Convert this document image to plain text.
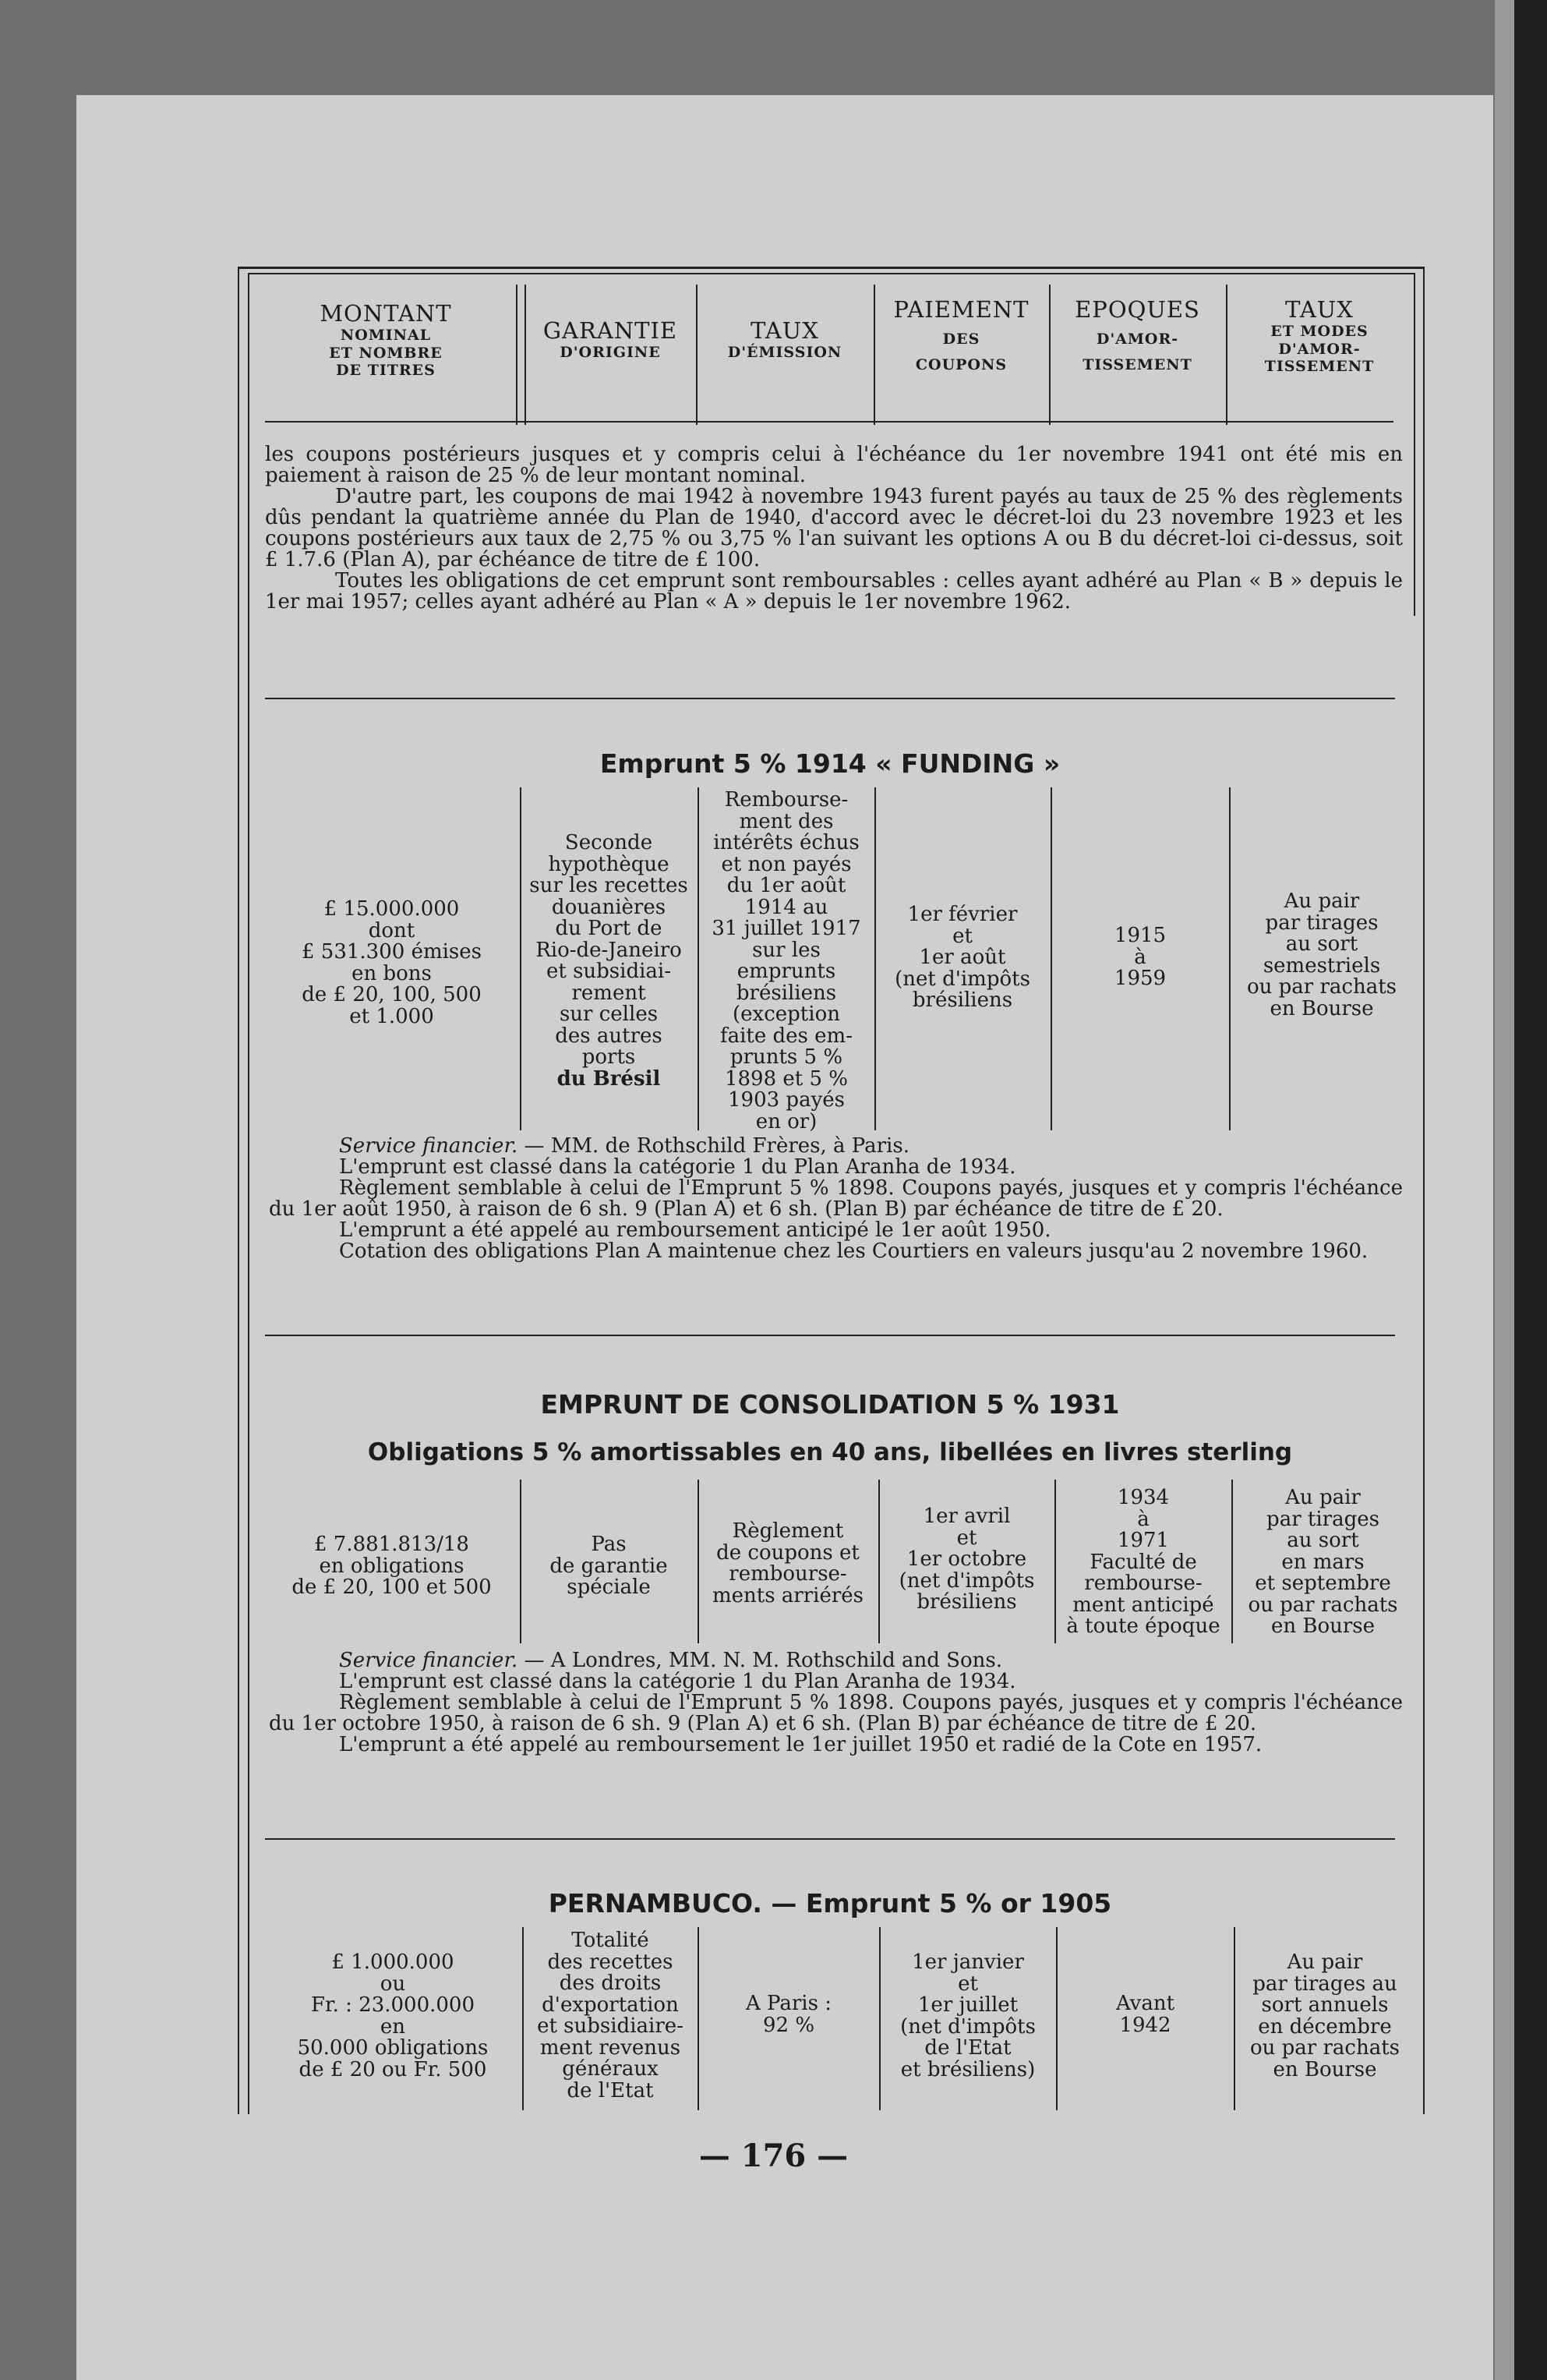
MONTANT
NOMINAL
ET NOMBRE
DE TITRES
GARANTIE
D'ORIGINE
TAUX
D'ÉMISSION
PAIEMENT
DES
COUPONS
EPOQUES
D'AMOR-
TISSEMENT
TAUX
ET MODES
D'AMOR-
TISSEMENT

les coupons postérieurs jusques et y compris celui à l'échéance du 1er novembre 1941 ont été mis en paiement à raison de 25 % de leur montant nominal.

D'autre part, les coupons de mai 1942 à novembre 1943 furent payés au taux de 25 % des règlements dûs pendant la quatrième année du Plan de 1940, d'accord avec le décret-loi du 23 novembre 1923 et les coupons postérieurs aux taux de 2,75 % ou 3,75 % l'an suivant les options A ou B du décret-loi ci-dessus, soit £ 1.7.6 (Plan A), par échéance de titre de £ 100.

Toutes les obligations de cet emprunt sont remboursables : celles ayant adhéré au Plan « B » depuis le 1er mai 1957; celles ayant adhéré au Plan « A » depuis le 1er novembre 1962.

Emprunt 5 % 1914 « FUNDING »
£ 15.000.000
dont
£ 531.300 émises
en bons
de £ 20, 100, 500
et 1.000
Seconde
hypothèque
sur les recettes
douanières
du Port de
Rio-de-Janeiro
et subsidiai-
rement
sur celles
des autres
ports
du Brésil
Rembourse-
ment des
intérêts échus
et non payés
du 1er août
1914 au
31 juillet 1917
sur les
emprunts
brésiliens
(exception
faite des em-
prunts 5 %
1898 et 5 %
1903 payés
en or)
1er février
et
1er août
(net d'impôts
brésiliens
1915
à
1959
Au pair
par tirages
au sort
semestriels
ou par rachats
en Bourse

Service financier. — MM. de Rothschild Frères, à Paris.

L'emprunt est classé dans la catégorie 1 du Plan Aranha de 1934.

Règlement semblable à celui de l'Emprunt 5 % 1898. Coupons payés, jusques et y compris l'échéance du 1er août 1950, à raison de 6 sh. 9 (Plan A) et 6 sh. (Plan B) par échéance de titre de £ 20.

L'emprunt a été appelé au remboursement anticipé le 1er août 1950.

Cotation des obligations Plan A maintenue chez les Courtiers en valeurs jusqu'au 2 novembre 1960.

EMPRUNT DE CONSOLIDATION 5 % 1931
Obligations 5 % amortissables en 40 ans, libellées en livres sterling
£ 7.881.813/18
en obligations
de £ 20, 100 et 500
Pas
de garantie
spéciale
Règlement
de coupons et
rembourse-
ments arriérés
1er avril
et
1er octobre
(net d'impôts
brésiliens
1934
à
1971
Faculté de
rembourse-
ment anticipé
à toute époque
Au pair
par tirages
au sort
en mars
et septembre
ou par rachats
en Bourse

Service financier. — A Londres, MM. N. M. Rothschild and Sons.

L'emprunt est classé dans la catégorie 1 du Plan Aranha de 1934.

Règlement semblable à celui de l'Emprunt 5 % 1898. Coupons payés, jusques et y compris l'échéance du 1er octobre 1950, à raison de 6 sh. 9 (Plan A) et 6 sh. (Plan B) par échéance de titre de £ 20.

L'emprunt a été appelé au remboursement le 1er juillet 1950 et radié de la Cote en 1957.

PERNAMBUCO. — Emprunt 5 % or 1905
£ 1.000.000
ou
Fr. : 23.000.000
en
50.000 obligations
de £ 20 ou Fr. 500
Totalité
des recettes
des droits
d'exportation
et subsidiaire-
ment revenus
généraux
de l'Etat
A Paris :
92 %
1er janvier
et
1er juillet
(net d'impôts
de l'Etat
et brésiliens)
Avant
1942
Au pair
par tirages au
sort annuels
en décembre
ou par rachats
en Bourse
— 176 —
